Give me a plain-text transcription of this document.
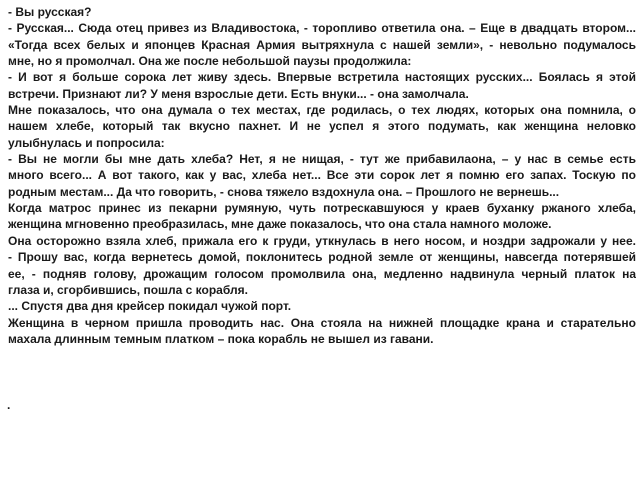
- Вы русская?
- Русская... Сюда отец привез из Владивостока, - торопливо ответила она. – Еще в двадцать втором...
«Тогда всех белых и японцев Красная Армия вытряхнула с нашей земли», - невольно подумалось
мне, но я промолчал. Она же после небольшой паузы продолжила:
- И вот я больше сорока лет живу здесь. Впервые встретила настоящих русских... Боялась я этой
встречи. Признают ли? У меня взрослые дети. Есть внуки... - она замолчала.
Мне показалось, что она думала о тех местах, где родилась, о тех людях, которых она помнила, о
нашем хлебе, который так вкусно пахнет. И не успел я этого подумать, как женщина неловко
улыбнулась и попросила:
- Вы не могли бы мне дать хлеба? Нет, я не нищая, - тут же прибавилаона, – у нас в семье есть
много всего... А вот такого, как у вас, хлеба нет... Все эти сорок лет я помню его запах. Тоскую по
родным местам... Да что говорить, - снова тяжело вздохнула она. – Прошлого не вернешь...
Когда матрос принес из пекарни румяную, чуть потрескавшуюся у краев буханку ржаного хлеба,
женщина мгновенно преобразилась, мне даже показалось, что она стала намного моложе.
Она осторожно взяла хлеб, прижала его к груди, уткнулась в него носом, и ноздри задрожали у нее.
- Прошу вас, когда вернетесь домой, поклонитесь родной земле от женщины, навсегда потерявшей
ее, - подняв голову, дрожащим голосом промолвила она, медленно надвинула черный платок на
глаза и, сгорбившись, пошла с корабля.
... Спустя два дня крейсер покидал чужой порт.
Женщина в черном пришла проводить нас. Она стояла на нижней площадке крана и старательно
махала длинным темным платком – пока корабль не вышел из гавани.
.
